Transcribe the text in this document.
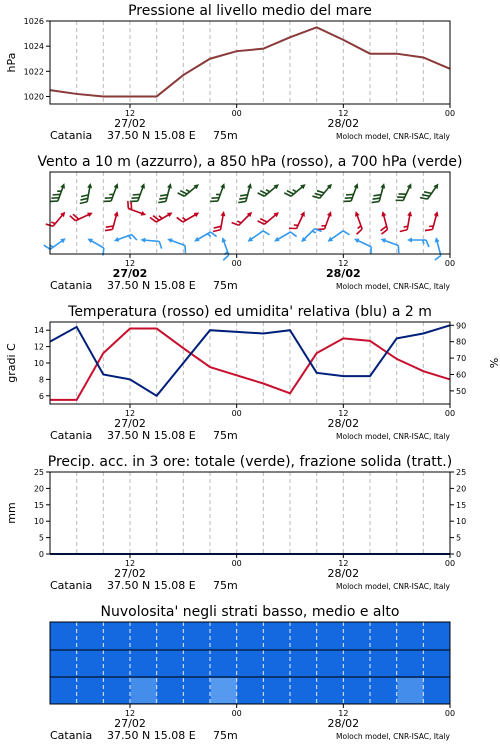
Pressione al livello medio del mare
1020
1022
1024
1026
hPa
12	00	12	00
27/02	28/02
Catania 37.50 N 15.08 E 75m	Moloch model, CNR-ISAC, Italy
Vento a 10 m (azzurro), a 850 hPa (rosso), a 700 hPa (verde)
12	00	12	00
27/02	28/02
Catania 37.50 N 15.08 E 75m	Moloch model, CNR-ISAC, Italy
Temperatura (rosso) ed umidita' relativa (blu) a 2 m
6
8
10
12
14
50
60
70
80
90
gradi C	%
12	00	12	00
27/02	28/02
Catania 37.50 N 15.08 E 75m	Moloch model, CNR-ISAC, Italy
Precip. acc. in 3 ore: totale (verde), frazione solida (tratt.)
0
5
10
15
20
25
0
5
10
15
20
25
mm
12	00	12	00
27/02	28/02
Catania 37.50 N 15.08 E 75m	Moloch model, CNR-ISAC, Italy
Nuvolosita' negli strati basso, medio e alto
12	00	12	00
27/02	28/02
Catania 37.50 N 15.08 E 75m	Moloch model, CNR-ISAC, Italy
